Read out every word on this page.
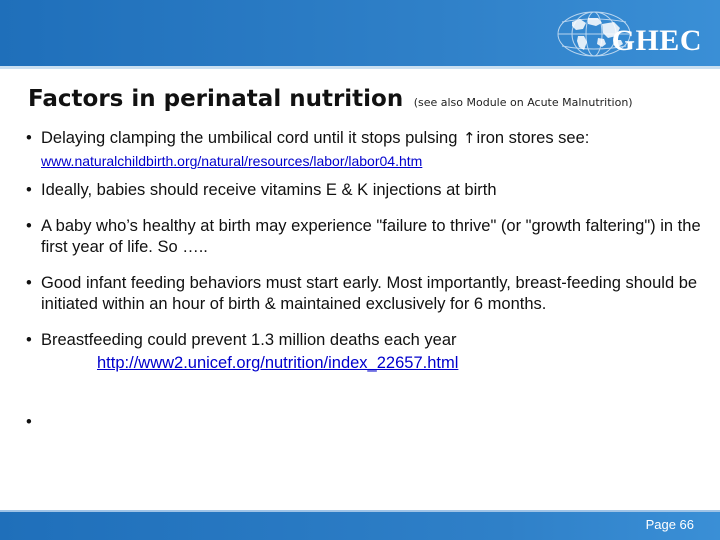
GHEC
Factors in perinatal nutrition (see also Module on Acute Malnutrition)
• Delaying clamping the umbilical cord until it stops pulsing ↑iron stores see:
www.naturalchildbirth.org/natural/resources/labor/labor04.htm
• Ideally, babies should receive vitamins E & K injections at birth
• A baby who’s healthy at birth may experience "failure to thrive" (or "growth faltering") in the first year of life. So …..
• Good infant feeding behaviors must start early. Most importantly, breast-feeding should be initiated within an hour of birth & maintained exclusively for 6 months.
• Breastfeeding could prevent 1.3 million deaths each year
http://www2.unicef.org/nutrition/index_22657.html
•
Page 66
